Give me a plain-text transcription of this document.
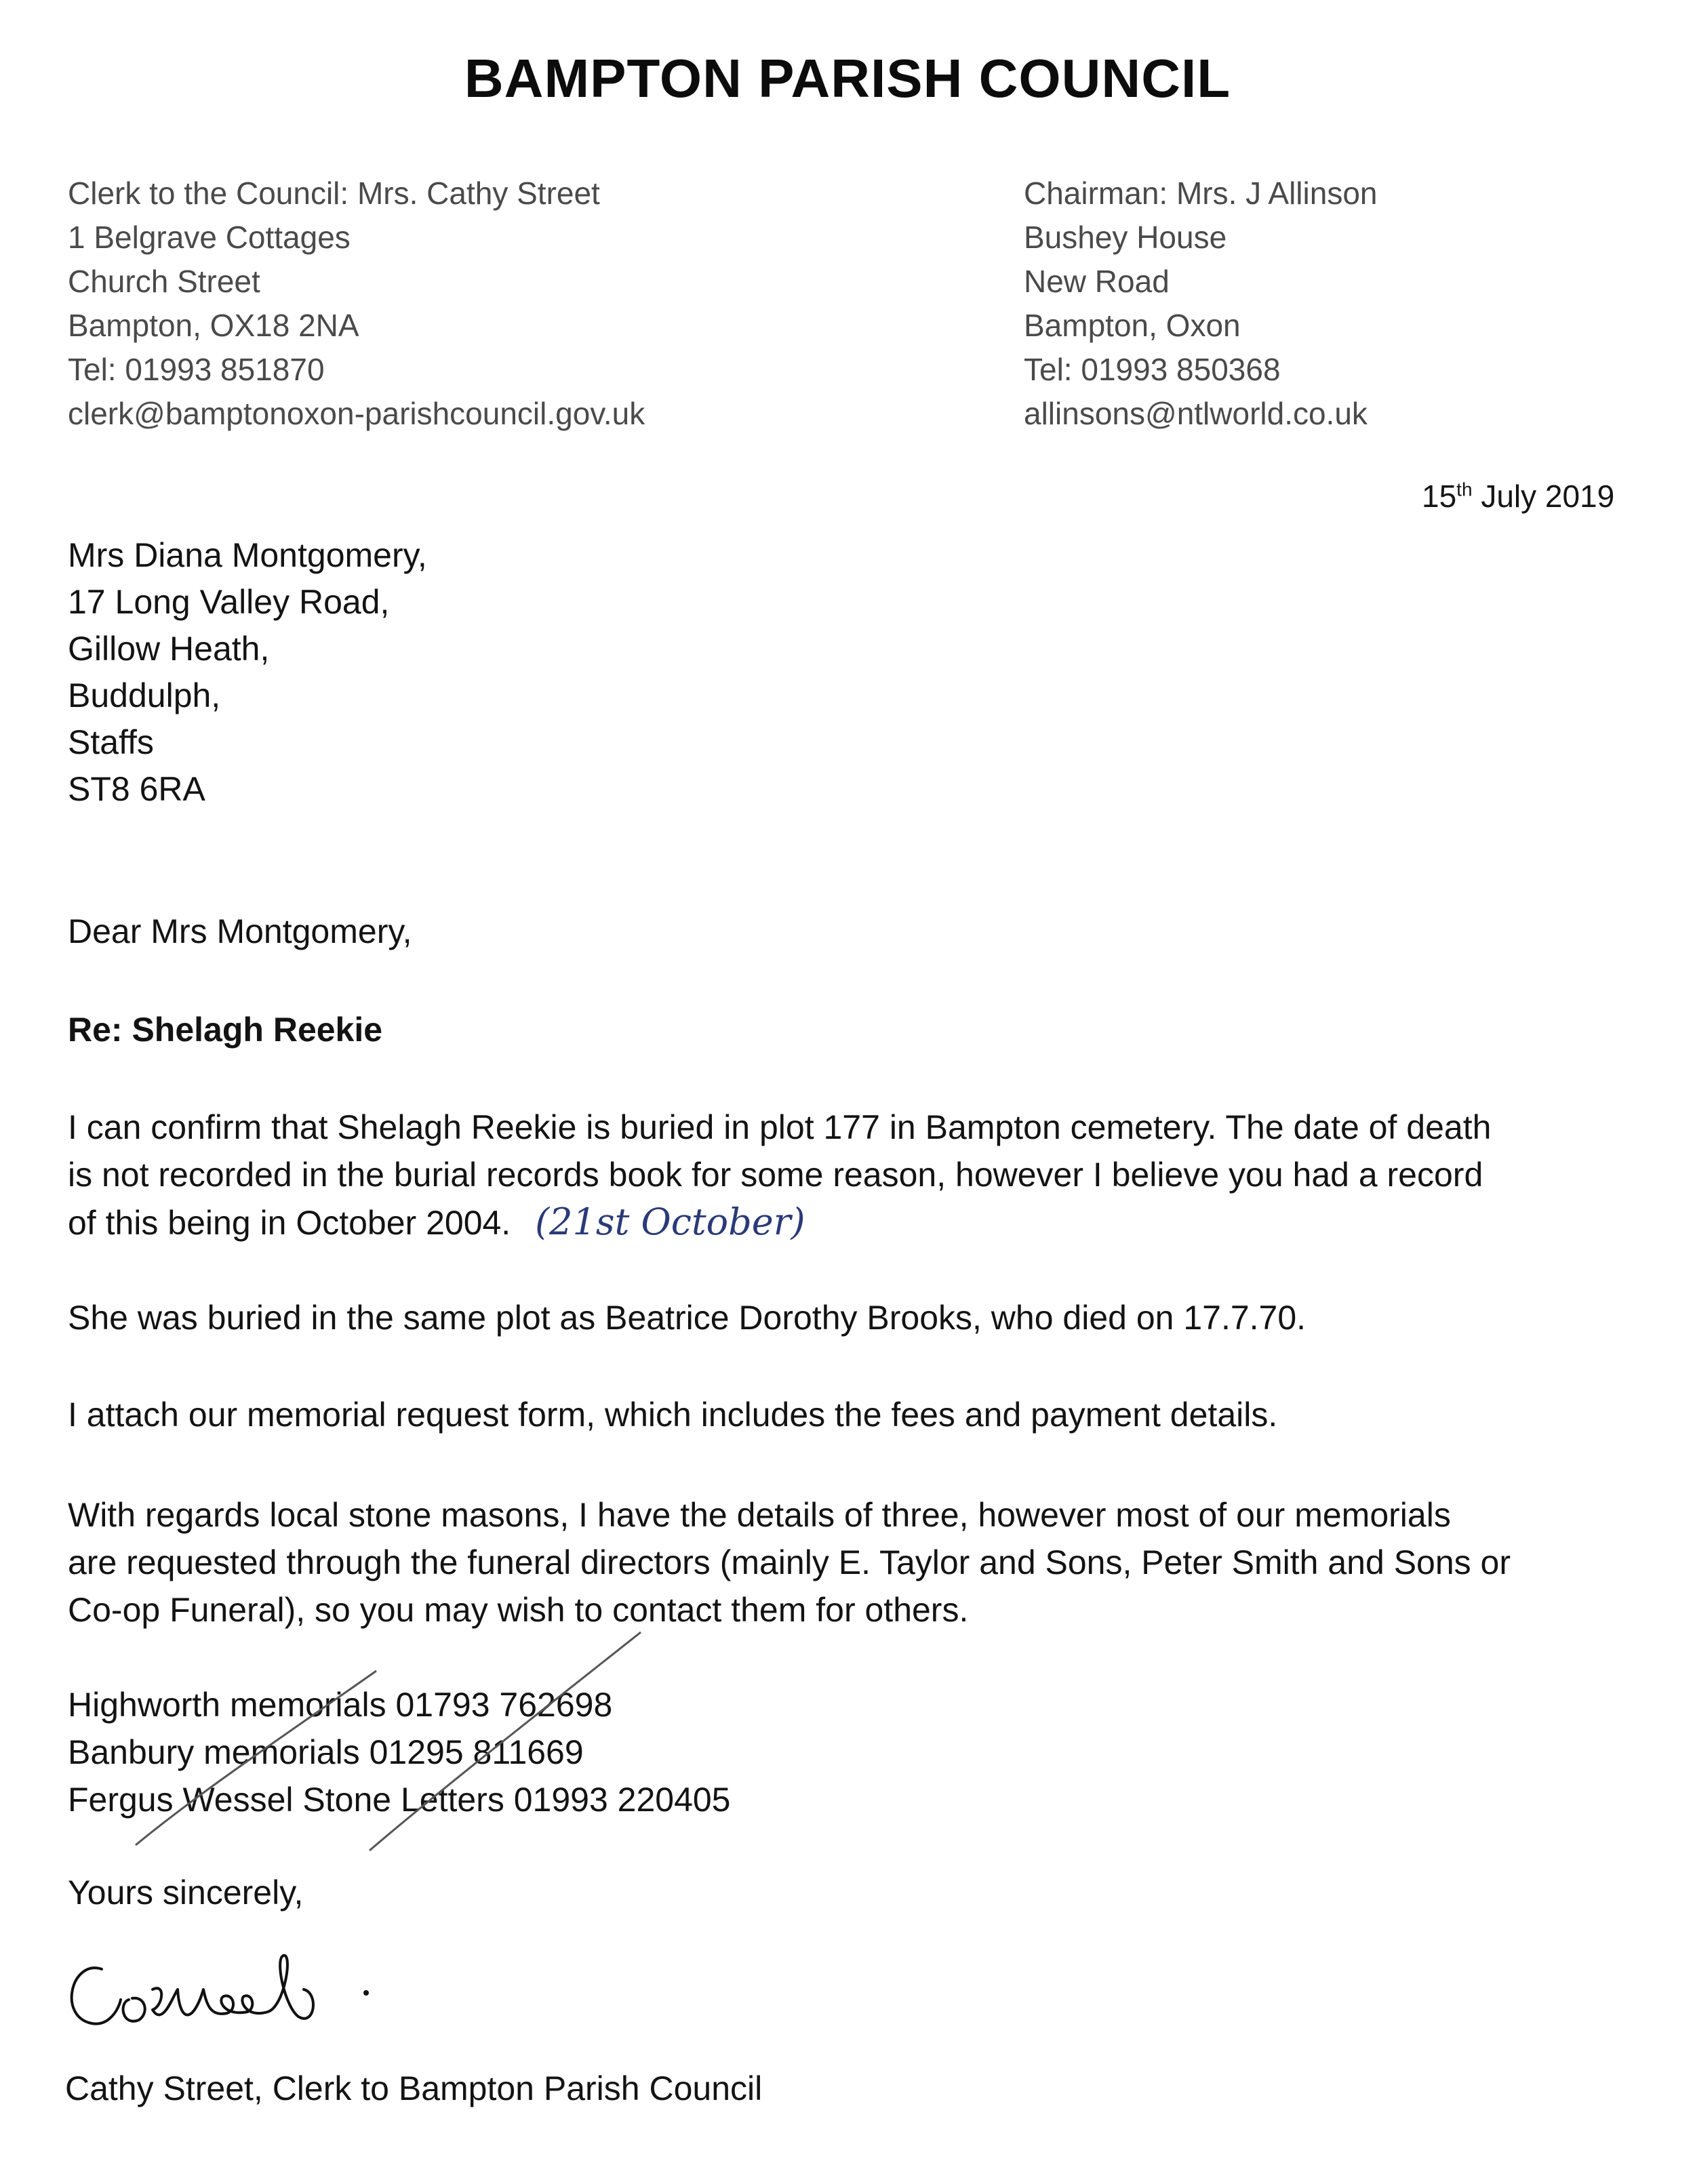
BAMPTON PARISH COUNCIL
Clerk to the Council: Mrs. Cathy Street
1 Belgrave Cottages
Church Street
Bampton, OX18 2NA
Tel: 01993 851870
clerk@bamptonoxon-parishcouncil.gov.uk
Chairman: Mrs. J Allinson
Bushey House
New Road
Bampton, Oxon
Tel: 01993 850368
allinsons@ntlworld.co.uk
15th July 2019
Mrs Diana Montgomery,
17 Long Valley Road,
Gillow Heath,
Buddulph,
Staffs
ST8 6RA
Dear Mrs Montgomery,
Re: Shelagh Reekie
I can confirm that Shelagh Reekie is buried in plot 177 in Bampton cemetery. The date of death
is not recorded in the burial records book for some reason, however I believe you had a record
of this being in October 2004. (21st October)
She was buried in the same plot as Beatrice Dorothy Brooks, who died on 17.7.70.
I attach our memorial request form, which includes the fees and payment details.
With regards local stone masons, I have the details of three, however most of our memorials
are requested through the funeral directors (mainly E. Taylor and Sons, Peter Smith and Sons or
Co-op Funeral), so you may wish to contact them for others.
Highworth memorials 01793 762698
Banbury memorials 01295 811669
Fergus Wessel Stone Letters 01993 220405
Yours sincerely,
Cathy Street, Clerk to Bampton Parish Council
